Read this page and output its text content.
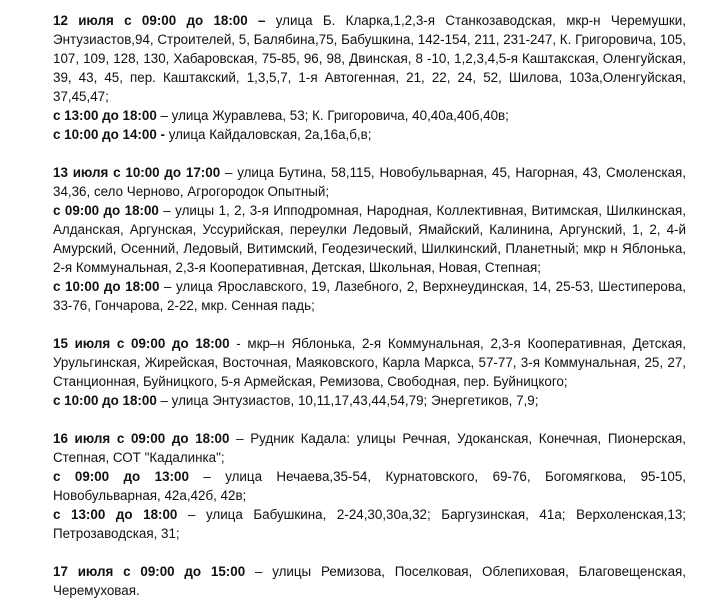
12 июля с 09:00 до 18:00 – улица Б. Кларка,1,2,3-я Станкозаводская, мкр-н Черемушки, Энтузиастов,94, Строителей, 5, Балябина,75, Бабушкина, 142-154, 211, 231-247, К. Григоровича, 105, 107, 109, 128, 130, Хабаровская, 75-85, 96, 98, Двинская, 8 -10, 1,2,3,4,5-я Каштакская, Оленгуйская, 39, 43, 45, пер. Каштакский, 1,3,5,7, 1-я Автогенная, 21, 22, 24, 52, Шилова, 103а,Оленгуйская, 37,45,47;

с 13:00 до 18:00 – улица Журавлева, 53; К. Григоровича, 40,40а,40б,40в;

с 10:00 до 14:00 - улица Кайдаловская, 2а,16а,б,в;

13 июля с 10:00 до 17:00 – улица Бутина, 58,115, Новобульварная, 45, Нагорная, 43, Смоленская, 34,36, село Черново, Агрогородок Опытный;

с 09:00 до 18:00 – улицы 1, 2, 3-я Ипподромная, Народная, Коллективная, Витимская, Шилкинская, Алданская, Аргунская, Уссурийская, переулки Ледовый, Ямайский, Калинина, Аргунский, 1, 2, 4-й Амурский, Осенний, Ледовый, Витимский, Геодезический, Шилкинский, Планетный; мкр н Яблонька, 2-я Коммунальная, 2,3-я Кооперативная, Детская, Школьная, Новая, Степная;

с 10:00 до 18:00 – улица Ярославского, 19, Лазебного, 2, Верхнеудинская, 14, 25-53, Шестиперова, 33-76, Гончарова, 2-22, мкр. Сенная падь;

15 июля с 09:00 до 18:00 - мкр–н Яблонька, 2-я Коммунальная, 2,3-я Кооперативная, Детская, Урульгинская, Жирейская, Восточная, Маяковского, Карла Маркса, 57-77, 3-я Коммунальная, 25, 27, Станционная, Буйницкого, 5-я Армейская, Ремизова, Свободная, пер. Буйницкого;

с 10:00 до 18:00 – улица Энтузиастов, 10,11,17,43,44,54,79; Энергетиков, 7,9;

16 июля с 09:00 до 18:00 – Рудник Кадала: улицы Речная, Удоканская, Конечная, Пионерская, Степная, СОТ "Кадалинка";

с 09:00 до 13:00 – улица Нечаева,35-54, Курнатовского, 69-76, Богомягкова, 95-105, Новобульварная, 42а,42б, 42в;

с 13:00 до 18:00 – улица Бабушкина, 2-24,30,30а,32; Баргузинская, 41а; Верхоленская,13; Петрозаводская, 31;

17 июля с 09:00 до 15:00 – улицы Ремизова, Поселковая, Облепиховая, Благовещенская, Черемуховая.
